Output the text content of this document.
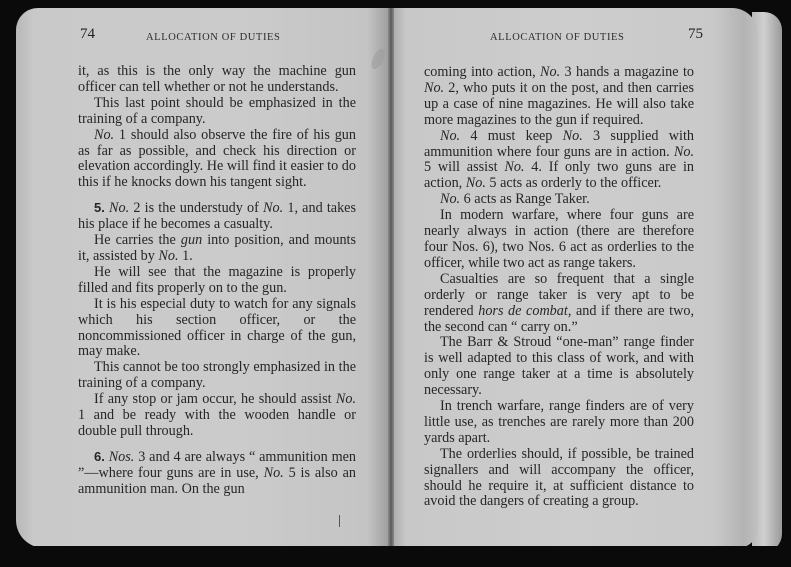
74	ALLOCATION OF DUTIES	ALLOCATION OF DUTIES	75

it, as this is the only way the machine gun officer can tell whether or not he understands.

This last point should be emphasized in the training of a company.

No. 1 should also observe the fire of his gun as far as possible, and check his direction or elevation accordingly. He will find it easier to do this if he knocks down his tangent sight.

5. No. 2 is the understudy of No. 1, and takes his place if he becomes a casualty.

He carries the gun into position, and mounts it, assisted by No. 1.

He will see that the magazine is properly filled and fits properly on to the gun.

It is his especial duty to watch for any signals which his section officer, or the noncommissioned officer in charge of the gun, may make.

This cannot be too strongly emphasized in the training of a company.

If any stop or jam occur, he should assist No. 1 and be ready with the wooden handle or double pull through.

6. Nos. 3 and 4 are always “ ammunition men ”—where four guns are in use, No. 5 is also an ammunition man. On the gun

coming into action, No. 3 hands a magazine to No. 2, who puts it on the post, and then carries up a case of nine magazines. He will also take more magazines to the gun if required.

No. 4 must keep No. 3 supplied with ammunition where four guns are in action. No. 5 will assist No. 4. If only two guns are in action, No. 5 acts as orderly to the officer.

No. 6 acts as Range Taker.

In modern warfare, where four guns are nearly always in action (there are therefore four Nos. 6), two Nos. 6 act as orderlies to the officer, while two act as range takers.

Casualties are so frequent that a single orderly or range taker is very apt to be rendered hors de combat, and if there are two, the second can “ carry on.”

The Barr & Stroud “one-man” range finder is well adapted to this class of work, and with only one range taker at a time is absolutely necessary.

In trench warfare, range finders are of very little use, as trenches are rarely more than 200 yards apart.

The orderlies should, if possible, be trained signallers and will accompany the officer, should he require it, at sufficient distance to avoid the dangers of creating a group.
